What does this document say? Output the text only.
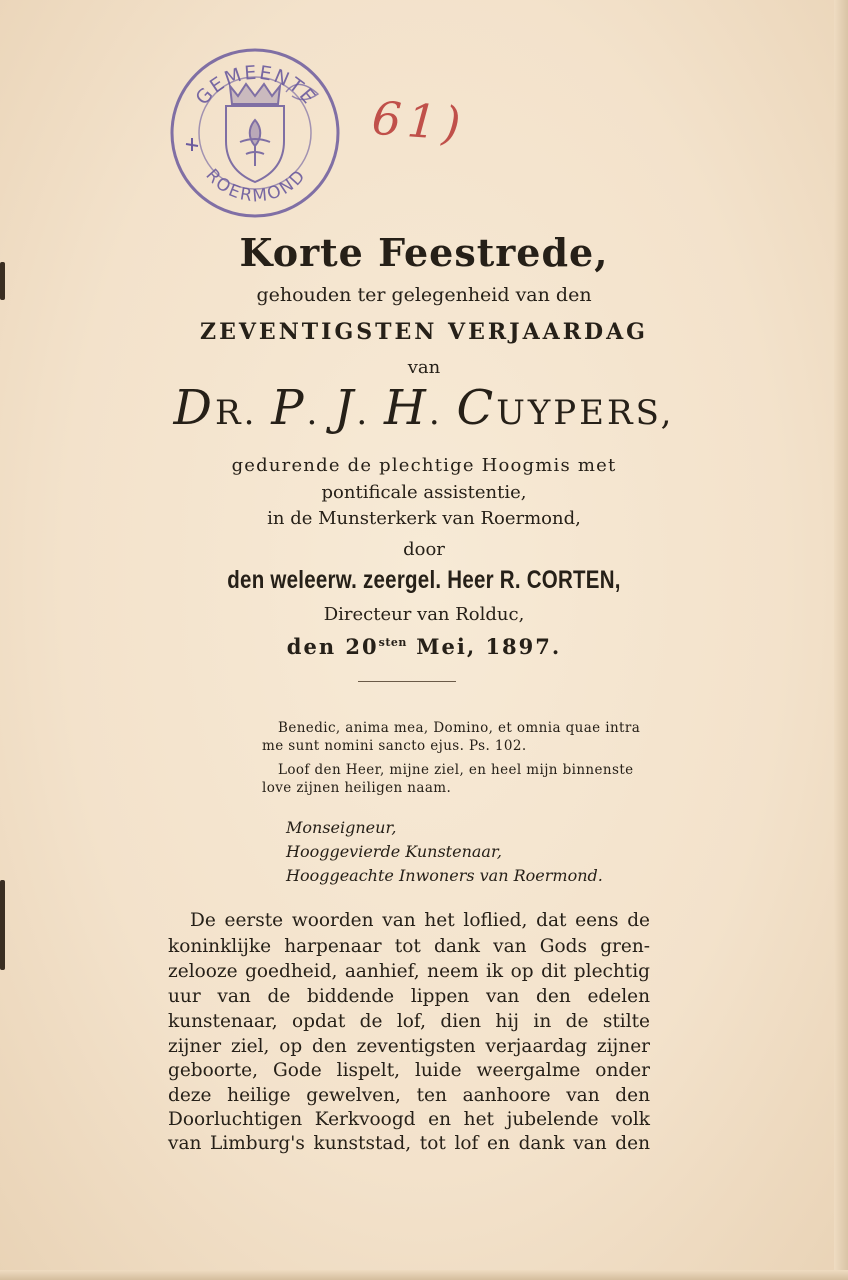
GEMEENTE
ROERMOND
61)
Korte Feestrede,
gehouden ter gelegenheid van den
ZEVENTIGSTEN VERJAARDAG
van
DR. P. J. H. CUYPERS,
gedurende de plechtige Hoogmis met
pontificale assistentie,
in de Munsterkerk van Roermond,
door
den weleerw. zeergel. Heer R. CORTEN,
Directeur van Rolduc,
den $20^{sten}$ Mei, 1897.
Benedic, anima mea, Domino, et omnia quae intra
me sunt nomini sancto ejus. Ps. 102.
Loof den Heer, mijne ziel, en heel mijn binnenste
love zijnen heiligen naam.
Monseigneur,
Hooggevierde Kunstenaar,
Hooggeachte Inwoners van Roermond.
De eerste woorden van het loflied, dat eens de
koninklijke harpenaar tot dank van Gods gren-
zelooze goedheid, aanhief, neem ik op dit plechtig
uur van de biddende lippen van den edelen
kunstenaar, opdat de lof, dien hij in de stilte
zijner ziel, op den zeventigsten verjaardag zijner
geboorte, Gode lispelt, luide weergalme onder
deze heilige gewelven, ten aanhoore van den
Doorluchtigen Kerkvoogd en het jubelende volk
van Limburg's kunststad, tot lof en dank van den
